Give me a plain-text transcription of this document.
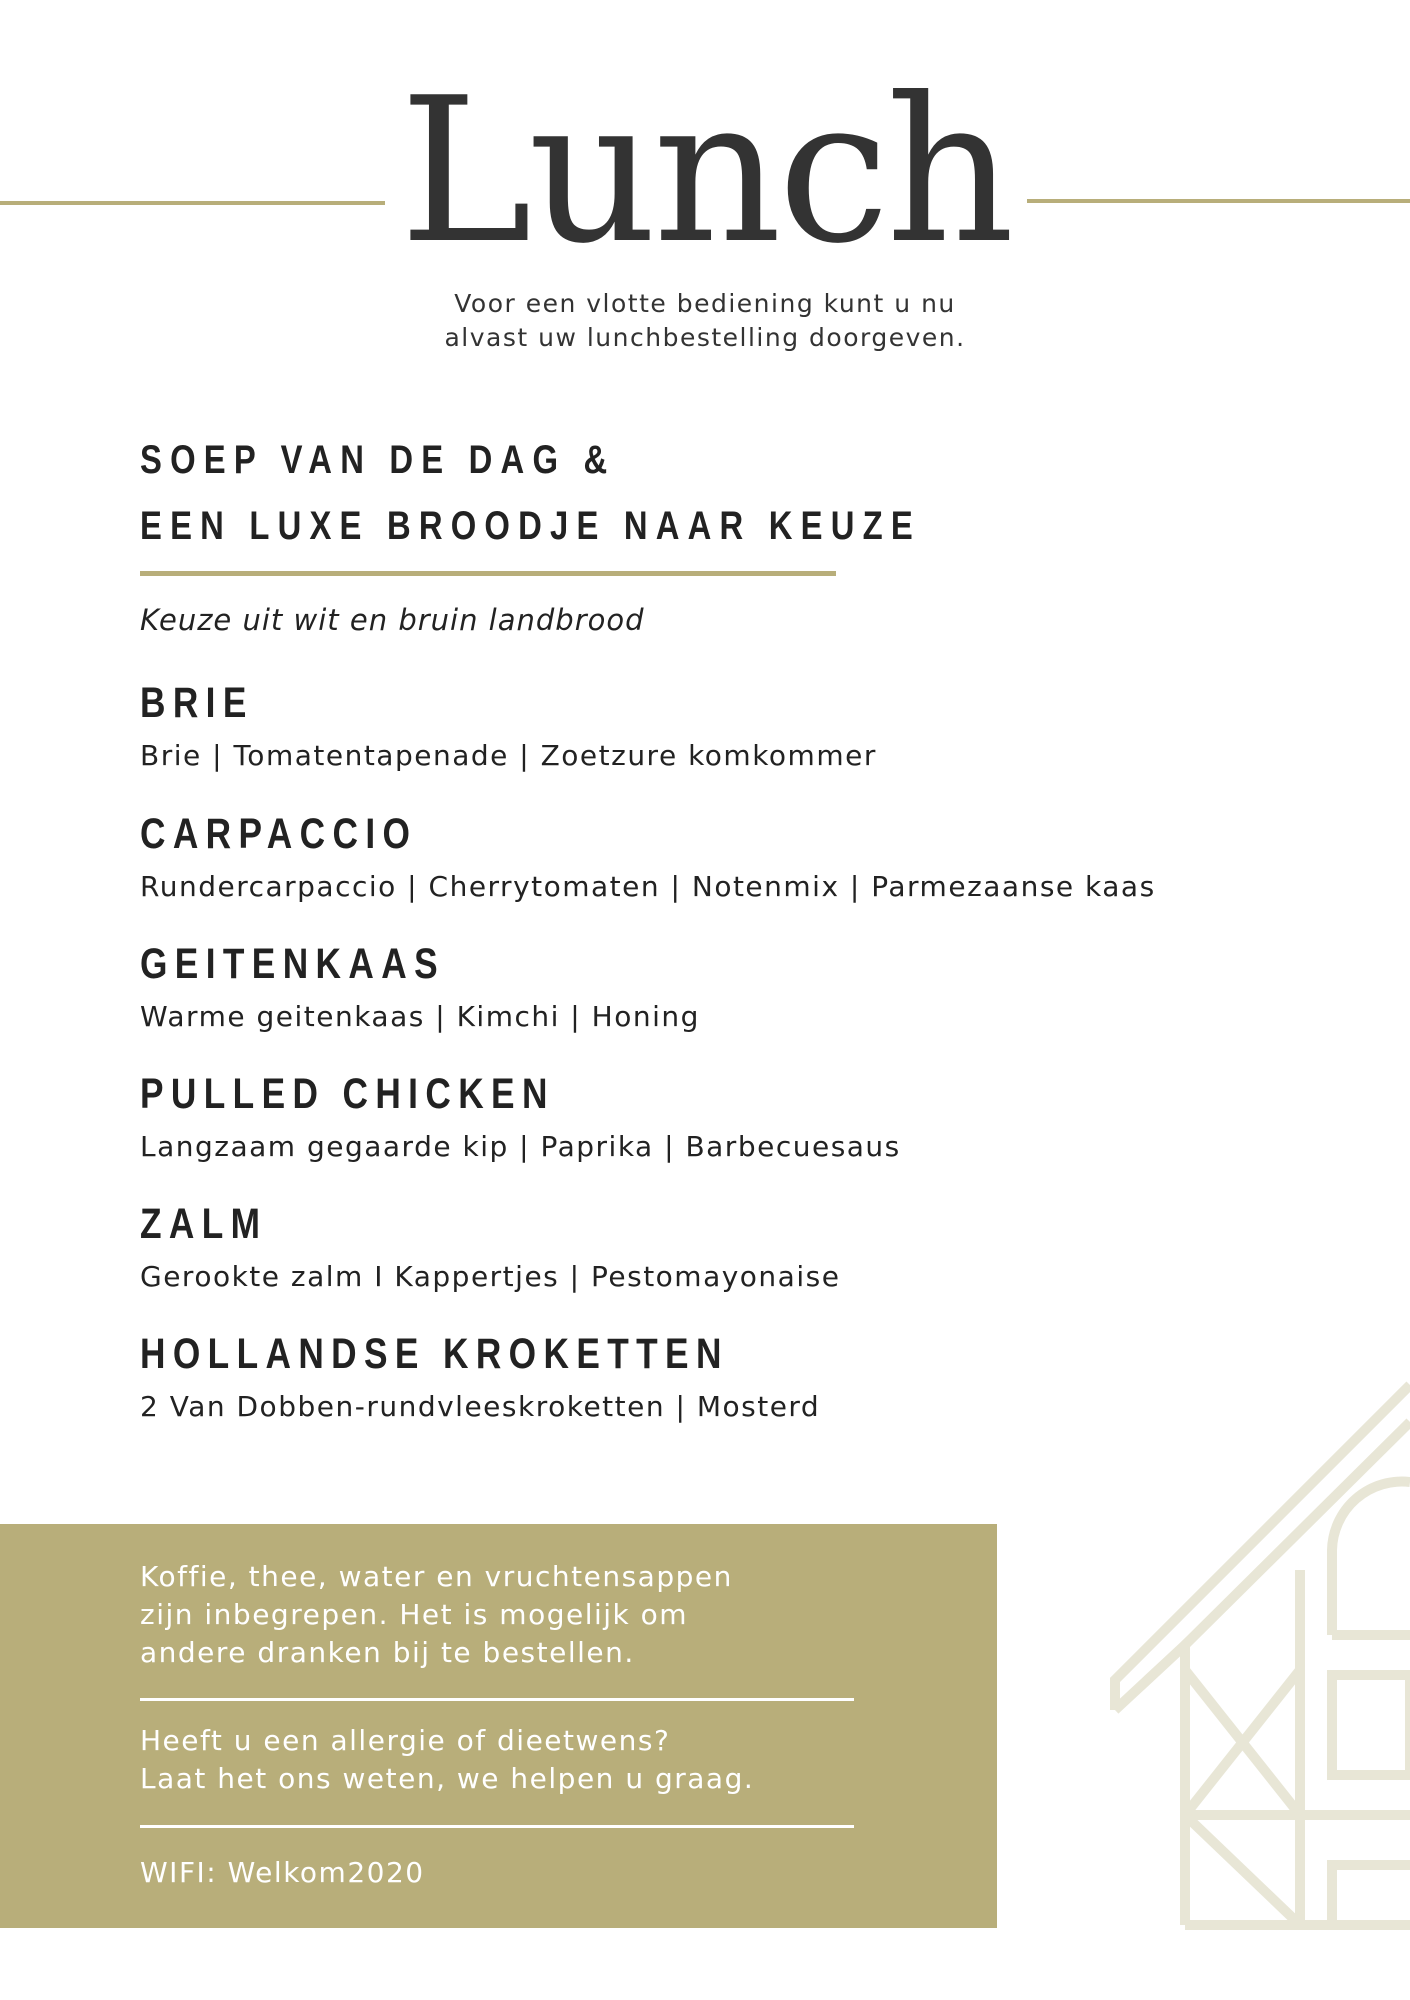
Lunch
Voor een vlotte bediening kunt u nu
alvast uw lunchbestelling doorgeven.
SOEP VAN DE DAG &
EEN LUXE BROODJE NAAR KEUZE
Keuze uit wit en bruin landbrood
BRIE
Brie | Tomatentapenade | Zoetzure komkommer
CARPACCIO
Rundercarpaccio | Cherrytomaten | Notenmix | Parmezaanse kaas
GEITENKAAS
Warme geitenkaas | Kimchi | Honing
PULLED CHICKEN
Langzaam gegaarde kip | Paprika | Barbecuesaus
ZALM
Gerookte zalm I Kappertjes | Pestomayonaise
HOLLANDSE KROKETTEN
2 Van Dobben-rundvleeskroketten | Mosterd
Koffie, thee, water en vruchtensappen
zijn inbegrepen. Het is mogelijk om
andere dranken bij te bestellen.
Heeft u een allergie of dieetwens?
Laat het ons weten, we helpen u graag.
WIFI: Welkom2020
